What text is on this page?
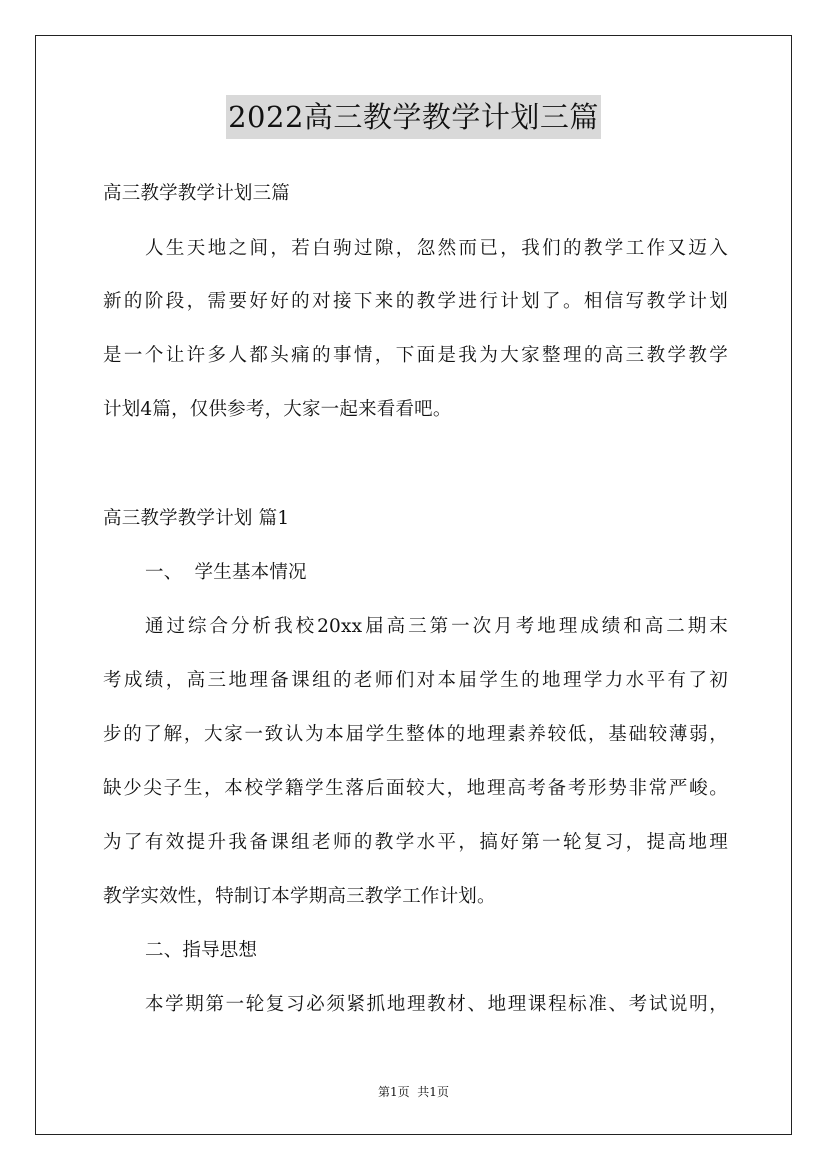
2022高三教学教学计划三篇
高三教学教学计划三篇
人生天地之间，若白驹过隙，忽然而已，我们的教学工作又迈入
新的阶段，需要好好的对接下来的教学进行计划了。相信写教学计划
是一个让许多人都头痛的事情，下面是我为大家整理的高三教学教学
计划4篇，仅供参考，大家一起来看看吧。
高三教学教学计划 篇1
一、  学生基本情况
通过综合分析我校20xx届高三第一次月考地理成绩和高二期末
考成绩，高三地理备课组的老师们对本届学生的地理学力水平有了初
步的了解，大家一致认为本届学生整体的地理素养较低，基础较薄弱，
缺少尖子生，本校学籍学生落后面较大，地理高考备考形势非常严峻。
为了有效提升我备课组老师的教学水平，搞好第一轮复习，提高地理
教学实效性，特制订本学期高三教学工作计划。
二、指导思想
本学期第一轮复习必须紧抓地理教材、地理课程标准、考试说明，
第1页  共1页
